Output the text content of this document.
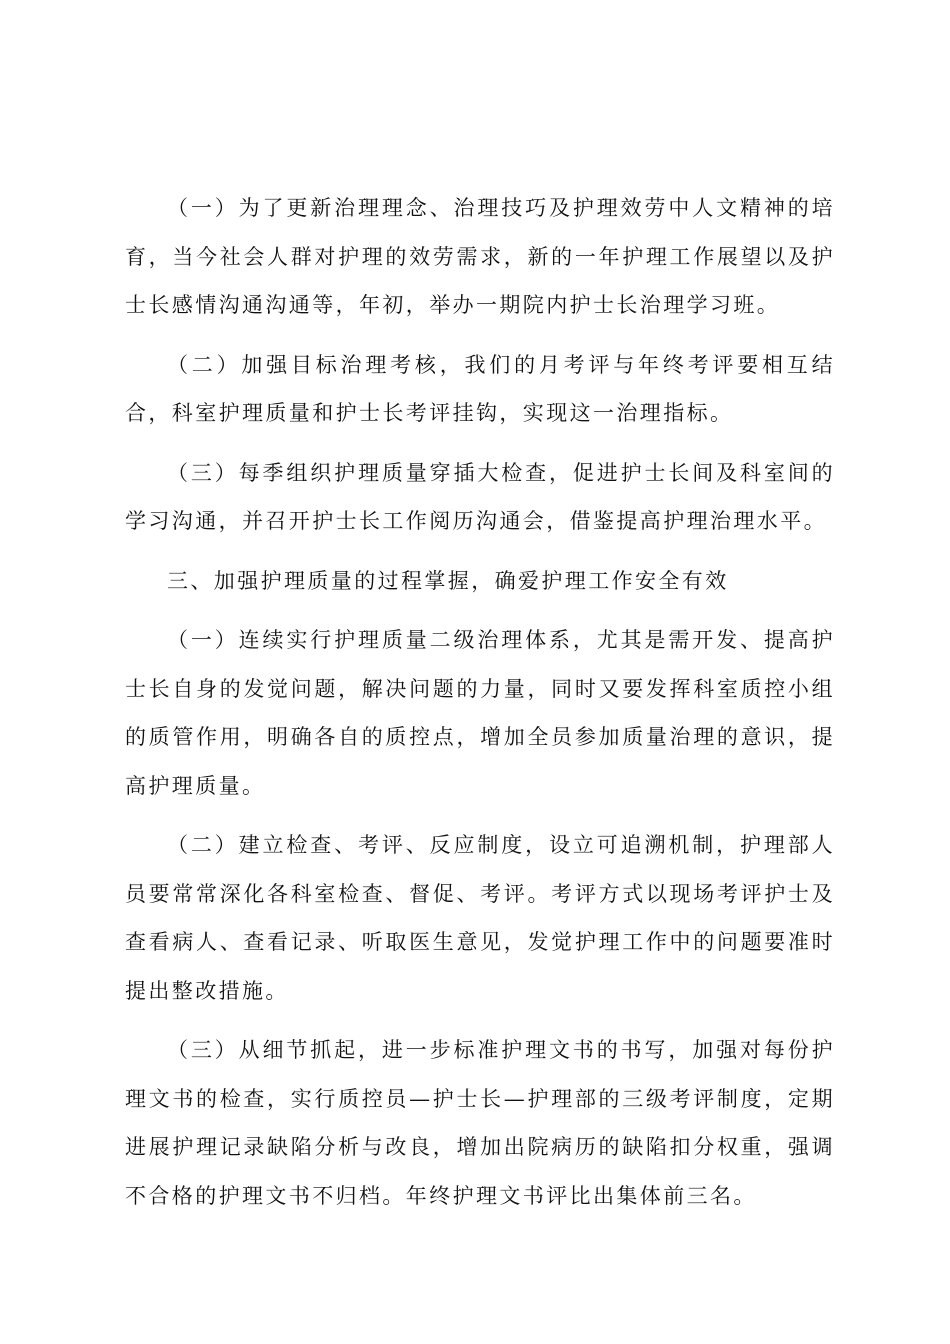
（一）为了更新治理理念、治理技巧及护理效劳中人文精神的培育，当今社会人群对护理的效劳需求，新的一年护理工作展望以及护士长感情沟通沟通等，年初，举办一期院内护士长治理学习班。

（二）加强目标治理考核，我们的月考评与年终考评要相互结合，科室护理质量和护士长考评挂钩，实现这一治理指标。

（三）每季组织护理质量穿插大检查，促进护士长间及科室间的学习沟通，并召开护士长工作阅历沟通会，借鉴提高护理治理水平。

三、加强护理质量的过程掌握，确爱护理工作安全有效

（一）连续实行护理质量二级治理体系，尤其是需开发、提高护士长自身的发觉问题，解决问题的力量，同时又要发挥科室质控小组的质管作用，明确各自的质控点，增加全员参加质量治理的意识，提高护理质量。

（二）建立检查、考评、反应制度，设立可追溯机制，护理部人员要常常深化各科室检查、督促、考评。考评方式以现场考评护士及查看病人、查看记录、听取医生意见，发觉护理工作中的问题要准时提出整改措施。

（三）从细节抓起，进一步标准护理文书的书写，加强对每份护理文书的检查，实行质控员—护士长—护理部的三级考评制度，定期进展护理记录缺陷分析与改良，增加出院病历的缺陷扣分权重，强调不合格的护理文书不归档。年终护理文书评比出集体前三名。
